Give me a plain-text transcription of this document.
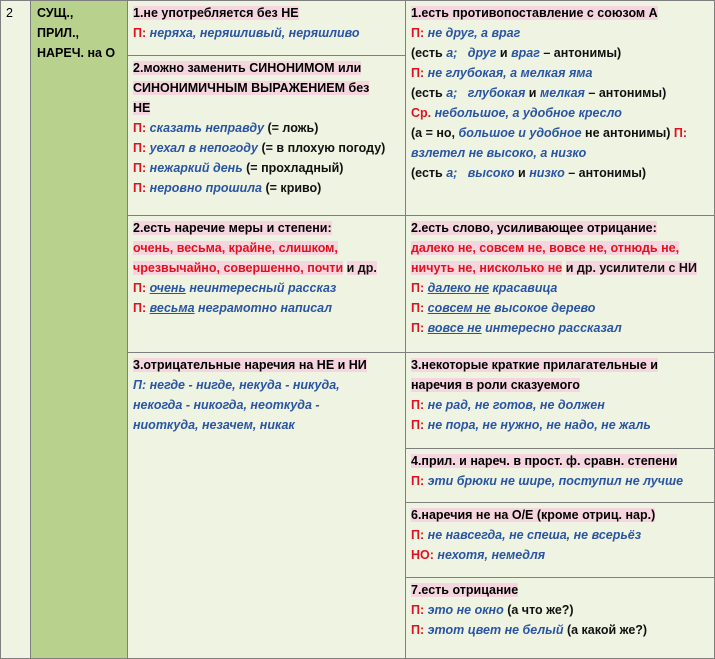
2	СУЩ.,
ПРИЛ.,
НАРЕЧ. на О
1.не употребляется без НЕ
П: неряха, неряшливый, неряшливо
2.можно заменить СИНОНИМОМ или
СИНОНИМИЧНЫМ ВЫРАЖЕНИЕМ без
НЕ
П: сказать неправду (= ложь)
П: уехал в непогоду (= в плохую погоду)
П: нежаркий день (= прохладный)
П: неровно прошила (= криво)
2.есть наречие меры и степени:
очень, весьма, крайне, слишком,
чрезвычайно, совершенно, почти и др.
П: очень неинтересный рассказ
П: весьма неграмотно написал
3.отрицательные наречия на НЕ и НИ
П: негде - нигде, некуда - никуда,
некогда - никогда, неоткуда -
ниоткуда, незачем, никак
1.есть противопоставление с союзом А
П: не друг, а враг
(есть а; друг и враг – антонимы)
П: не глубокая, а мелкая яма
(есть а; глубокая и мелкая – антонимы)
Ср. небольшое, а удобное кресло
(а = но, большое и удобное не антонимы) П:
взлетел не высоко, а низко
(есть а; высоко и низко – антонимы)
2.есть слово, усиливающее отрицание:
далеко не, совсем не, вовсе не, отнюдь не,
ничуть не, нисколько не и др. усилители с НИ
П: далеко не красавица
П: совсем не высокое дерево
П: вовсе не интересно рассказал
3.некоторые краткие прилагательные и
наречия в роли сказуемого
П: не рад, не готов, не должен
П: не пора, не нужно, не надо, не жаль
4.прил. и нареч. в прост. ф. сравн. степени
П: эти брюки не шире, поступил не лучше
6.наречия не на О/Е (кроме отриц. нар.)
П: не навсегда, не спеша, не всерьёз
НО: нехотя, немедля
7.есть отрицание
П: это не окно (а что же?)
П: этот цвет не белый (а какой же?)
